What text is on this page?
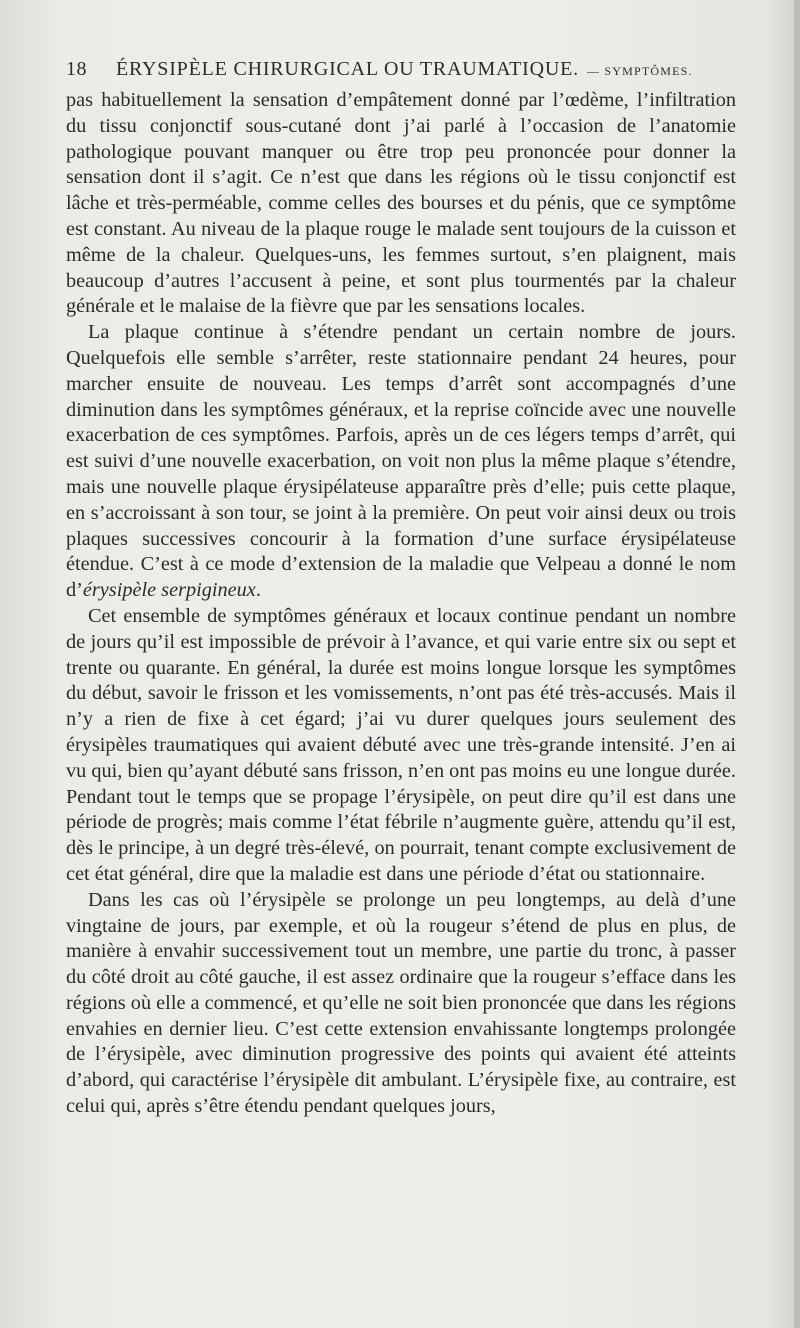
18	ÉRYSIPÈLE CHIRURGICAL OU TRAUMATIQUE. — SYMPTÔMES.

pas habituellement la sensation d’empâtement donné par l’œdème, l’infiltration du tissu conjonctif sous-cutané dont j’ai parlé à l’occasion de l’anatomie pathologique pouvant manquer ou être trop peu prononcée pour donner la sensation dont il s’agit. Ce n’est que dans les régions où le tissu conjonctif est lâche et très-perméable, comme celles des bourses et du pénis, que ce symptôme est constant. Au niveau de la plaque rouge le malade sent toujours de la cuisson et même de la chaleur. Quelques-uns, les femmes surtout, s’en plaignent, mais beaucoup d’autres l’accusent à peine, et sont plus tourmentés par la chaleur générale et le malaise de la fièvre que par les sensations locales.

La plaque continue à s’étendre pendant un certain nombre de jours. Quelquefois elle semble s’arrêter, reste stationnaire pendant 24 heures, pour marcher ensuite de nouveau. Les temps d’arrêt sont accompagnés d’une diminution dans les symptômes généraux, et la reprise coïncide avec une nouvelle exacerbation de ces symptômes. Parfois, après un de ces légers temps d’arrêt, qui est suivi d’une nouvelle exacerbation, on voit non plus la même plaque s’étendre, mais une nouvelle plaque érysipélateuse apparaître près d’elle; puis cette plaque, en s’accroissant à son tour, se joint à la première. On peut voir ainsi deux ou trois plaques successives concourir à la formation d’une surface érysipélateuse étendue. C’est à ce mode d’extension de la maladie que Velpeau a donné le nom d’érysipèle serpigineux.

Cet ensemble de symptômes généraux et locaux continue pendant un nombre de jours qu’il est impossible de prévoir à l’avance, et qui varie entre six ou sept et trente ou quarante. En général, la durée est moins longue lorsque les symptômes du début, savoir le frisson et les vomissements, n’ont pas été très-accusés. Mais il n’y a rien de fixe à cet égard; j’ai vu durer quelques jours seulement des érysipèles traumatiques qui avaient débuté avec une très-grande intensité. J’en ai vu qui, bien qu’ayant débuté sans frisson, n’en ont pas moins eu une longue durée. Pendant tout le temps que se propage l’érysipèle, on peut dire qu’il est dans une période de progrès; mais comme l’état fébrile n’augmente guère, attendu qu’il est, dès le principe, à un degré très-élevé, on pourrait, tenant compte exclusivement de cet état général, dire que la maladie est dans une période d’état ou stationnaire.

Dans les cas où l’érysipèle se prolonge un peu longtemps, au delà d’une vingtaine de jours, par exemple, et où la rougeur s’étend de plus en plus, de manière à envahir successivement tout un membre, une partie du tronc, à passer du côté droit au côté gauche, il est assez ordinaire que la rougeur s’efface dans les régions où elle a commencé, et qu’elle ne soit bien prononcée que dans les régions envahies en dernier lieu. C’est cette extension envahissante longtemps prolongée de l’érysipèle, avec diminution progressive des points qui avaient été atteints d’abord, qui caractérise l’érysipèle dit ambulant. L’érysipèle fixe, au contraire, est celui qui, après s’être étendu pendant quelques jours,
